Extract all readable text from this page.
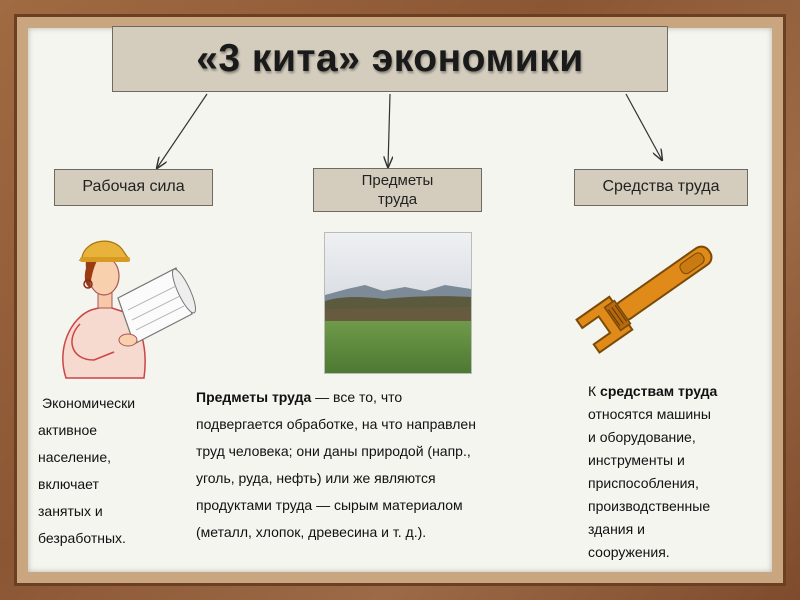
«3 кита» экономики
Рабочая сила	Предметы
труда
Средства труда
Экономически
активное
население,
включает
занятых и
безработных.
Предметы труда — все то, что
подвергается обработке, на что направлен
труд человека; они даны природой (напр.,
уголь, руда, нефть) или же являются
продуктами труда — сырым материалом
(металл, хлопок, древесина и т. д.).
К средствам труда
относятся машины
и оборудование,
инструменты и
приспособления,
производственные
здания и
сооружения.
